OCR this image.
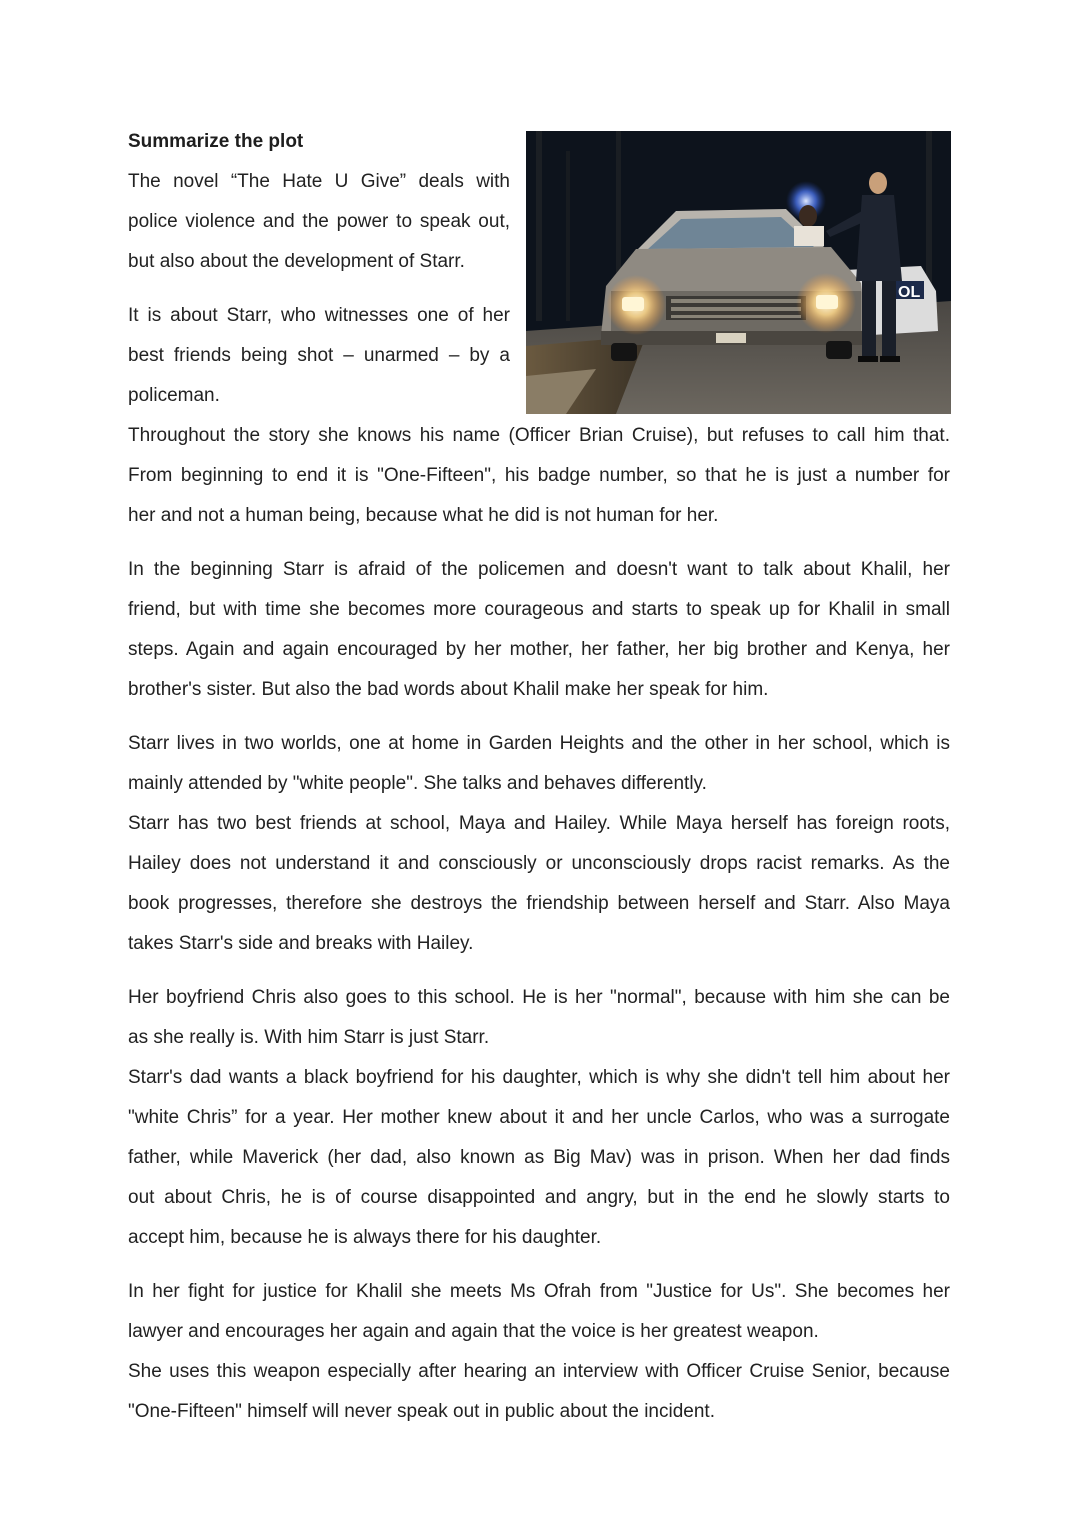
Summarize the plot

The novel “The Hate U Give” deals with

police violence and the power to speak out,

but also about the development of Starr.

It is about Starr, who witnesses one of her

best friends being shot – unarmed – by a

policeman.

Throughout the story she knows his name (Officer Brian Cruise), but refuses to call him that.

From beginning to end it is "One-Fifteen", his badge number, so that he is just a number for

her and not a human being, because what he did is not human for her.

In the beginning Starr is afraid of the policemen and doesn't want to talk about Khalil, her

friend, but with time she becomes more courageous and starts to speak up for Khalil in small

steps. Again and again encouraged by her mother, her father, her big brother and Kenya, her

brother's sister. But also the bad words about Khalil make her speak for him.

Starr lives in two worlds, one at home in Garden Heights and the other in her school, which is

mainly attended by "white people". She talks and behaves differently.

Starr has two best friends at school, Maya and Hailey. While Maya herself has foreign roots,

Hailey does not understand it and consciously or unconsciously drops racist remarks. As the

book progresses, therefore she destroys the friendship between herself and Starr. Also Maya

takes Starr's side and breaks with Hailey.

Her boyfriend Chris also goes to this school. He is her "normal", because with him she can be

as she really is. With him Starr is just Starr.

Starr's dad wants a black boyfriend for his daughter, which is why she didn't tell him about her

"white Chris” for a year. Her mother knew about it and her uncle Carlos, who was a surrogate

father, while Maverick (her dad, also known as Big Mav) was in prison. When her dad finds

out about Chris, he is of course disappointed and angry, but in the end he slowly starts to

accept him, because he is always there for his daughter.

In her fight for justice for Khalil she meets Ms Ofrah from "Justice for Us". She becomes her

lawyer and encourages her again and again that the voice is her greatest weapon.

She uses this weapon especially after hearing an interview with Officer Cruise Senior, because

"One-Fifteen" himself will never speak out in public about the incident.

OL
